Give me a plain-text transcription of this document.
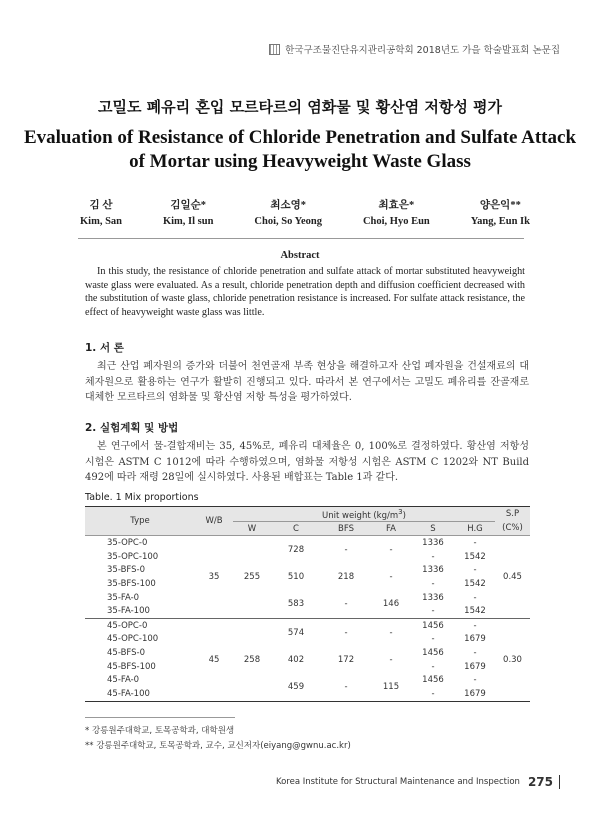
한국구조물진단유지관리공학회 2018년도 가을 학술발표회 논문집
고밀도 폐유리 혼입 모르타르의 염화물 및 황산염 저항성 평가
Evaluation of Resistance of Chloride Penetration and Sulfate Attack
of Mortar using Heavyweight Waste Glass
김 산
Kim, San
김일순*
Kim, Il sun
최소영*
Choi, So Yeong
최효은*
Choi, Hyo Eun
양은익**
Yang, Eun Ik
Abstract
In this study, the resistance of chloride penetration and sulfate attack of mortar substituted heavyweight waste glass were evaluated. As a result, chloride penetration depth and diffusion coefficient decreased with the substitution of waste glass, chloride penetration resistance is increased. For sulfate attack resistance, the effect of heavyweight waste glass was little.
1. 서 론
최근 산업 폐자원의 증가와 더불어 천연골재 부족 현상을 해결하고자 산업 폐자원을 건설재료의 대체자원으로 활용하는 연구가 활발히 진행되고 있다. 따라서 본 연구에서는 고밀도 폐유리를 잔골재로 대체한 모르타르의 염화물 및 황산염 저항 특성을 평가하였다.
2. 실험계획 및 방법
본 연구에서 물-결합재비는 35, 45%로, 폐유리 대체율은 0, 100%로 결정하였다. 황산염 저항성 시험은 ASTM C 1012에 따라 수행하였으며, 염화물 저항성 시험은 ASTM C 1202와 NT Build 492에 따라 재령 28일에 실시하였다. 사용된 배합표는 Table 1과 같다.
Table. 1 Mix proportions
Type	W/B	Unit weight $(kg/m^3)$						S.P
		W	C	BFS	FA	S	H.G	(C%)
35-OPC-0	35	255	728	-	-	1336	-	0.45
35-OPC-100						-	1542	
35-BFS-0			510	218	-	1336	-	
35-BFS-100						-	1542	
35-FA-0			583	-	146	1336	-	
35-FA-100						-	1542	
45-OPC-0	45	258	574	-	-	1456	-	0.30
45-OPC-100						-	1679	
45-BFS-0			402	172	-	1456	-	
45-BFS-100						-	1679	
45-FA-0			459	-	115	1456	-	
45-FA-100						-	1679	
* 강릉원주대학교, 토목공학과, 대학원생
** 강릉원주대학교, 토목공학과, 교수, 교신저자(eiyang@gwnu.ac.kr)
Korea Institute for Structural Maintenance and Inspection 275
